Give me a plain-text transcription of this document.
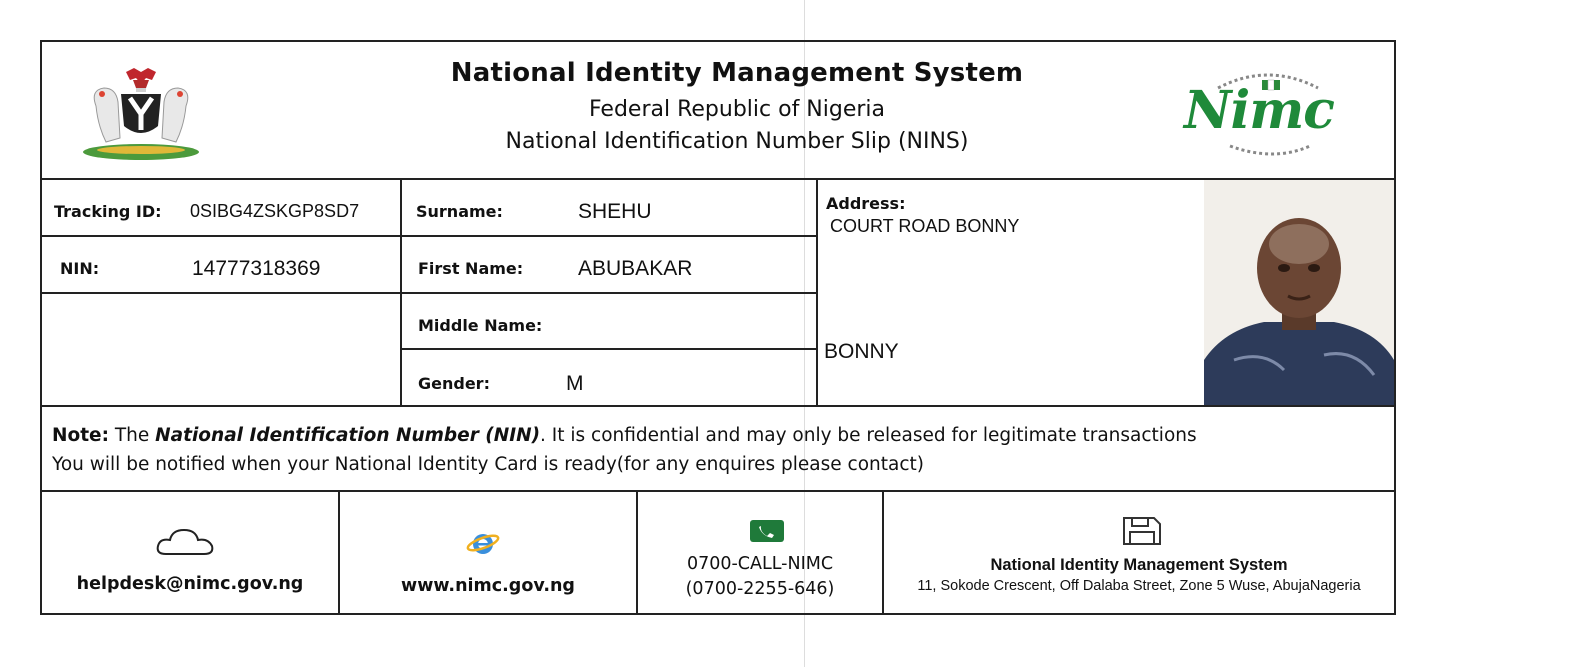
National Identity Management System
Federal Republic of Nigeria
National Identification Number Slip (NINS)
Nimc
Tracking ID: 0SIBG4ZSKGP8SD7
NIN:	14777318369
Surname:	SHEHU
First Name:	ABUBAKAR
Middle Name:
Gender:	M
Address:
COURT ROAD BONNY
BONNY
Note: The National Identification Number (NIN). It is confidential and may only be released for legitimate transactions
You will be notified when your National Identity Card is ready(for any enquires please contact)
helpdesk@nimc.gov.ng	www.nimc.gov.ng
0700-CALL-NIMC
(0700-2255-646)
National Identity Management System
11, Sokode Crescent, Off Dalaba Street, Zone 5 Wuse, AbujaNageria
